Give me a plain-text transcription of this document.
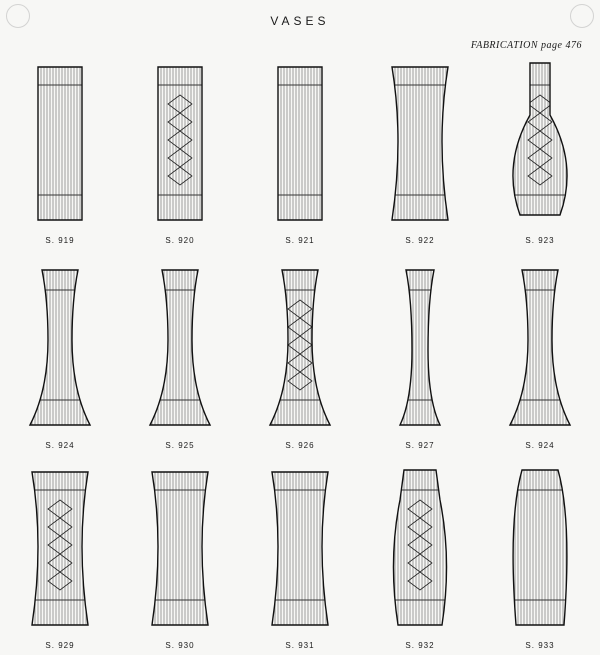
VASES
FABRICATION page 476
S. 919	S. 920	S. 921	S. 922	S. 923
S. 924	S. 925	S. 926	S. 927	S. 924
S. 929	S. 930	S. 931	S. 932	S. 933
